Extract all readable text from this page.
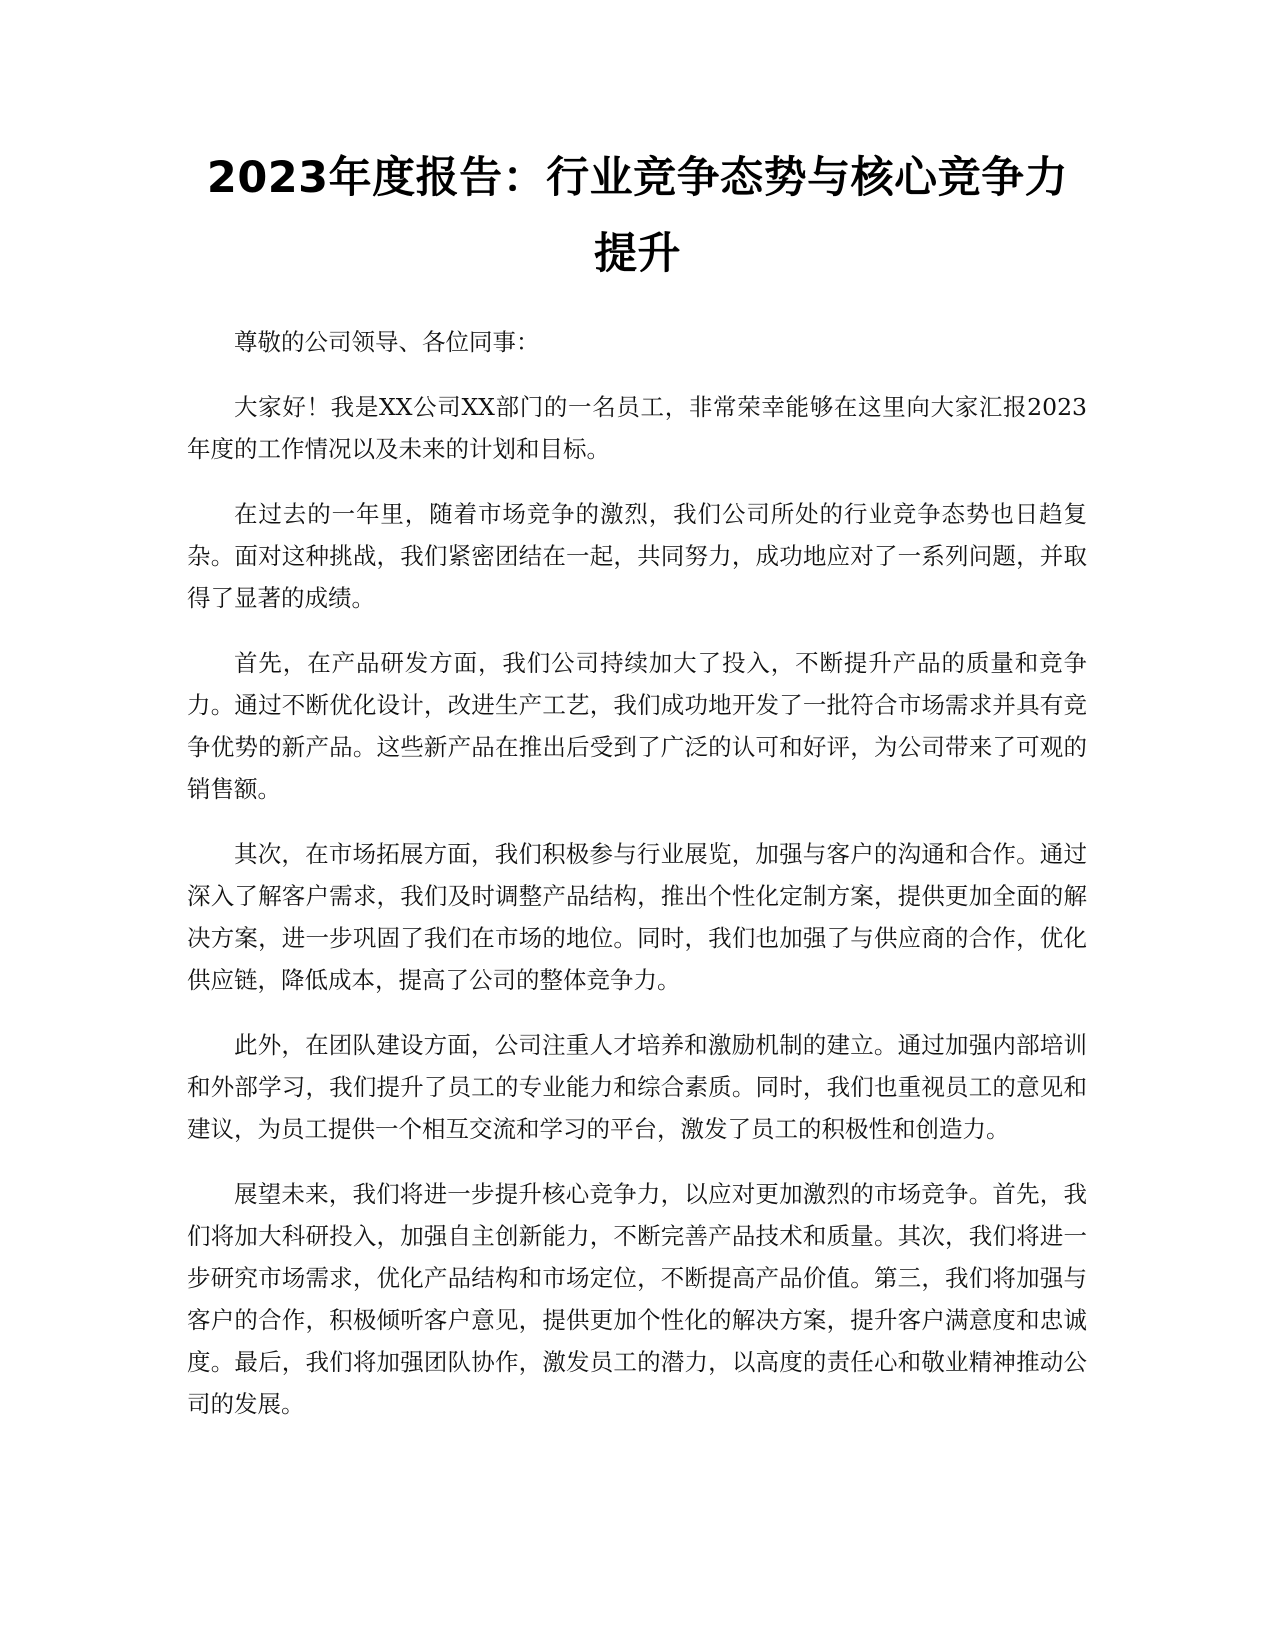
2023年度报告：行业竞争态势与核心竞争力
提升

尊敬的公司领导、各位同事：

大家好！我是XX公司XX部门的一名员工，非常荣幸能够在这里向大家汇报2023年度的工作情况以及未来的计划和目标。

在过去的一年里，随着市场竞争的激烈，我们公司所处的行业竞争态势也日趋复杂。面对这种挑战，我们紧密团结在一起，共同努力，成功地应对了一系列问题，并取得了显著的成绩。

首先，在产品研发方面，我们公司持续加大了投入，不断提升产品的质量和竞争力。通过不断优化设计，改进生产工艺，我们成功地开发了一批符合市场需求并具有竞争优势的新产品。这些新产品在推出后受到了广泛的认可和好评，为公司带来了可观的销售额。

其次，在市场拓展方面，我们积极参与行业展览，加强与客户的沟通和合作。通过深入了解客户需求，我们及时调整产品结构，推出个性化定制方案，提供更加全面的解决方案，进一步巩固了我们在市场的地位。同时，我们也加强了与供应商的合作，优化供应链，降低成本，提高了公司的整体竞争力。

此外，在团队建设方面，公司注重人才培养和激励机制的建立。通过加强内部培训和外部学习，我们提升了员工的专业能力和综合素质。同时，我们也重视员工的意见和建议，为员工提供一个相互交流和学习的平台，激发了员工的积极性和创造力。

展望未来，我们将进一步提升核心竞争力，以应对更加激烈的市场竞争。首先，我们将加大科研投入，加强自主创新能力，不断完善产品技术和质量。其次，我们将进一步研究市场需求，优化产品结构和市场定位，不断提高产品价值。第三，我们将加强与客户的合作，积极倾听客户意见，提供更加个性化的解决方案，提升客户满意度和忠诚度。最后，我们将加强团队协作，激发员工的潜力，以高度的责任心和敬业精神推动公司的发展。
